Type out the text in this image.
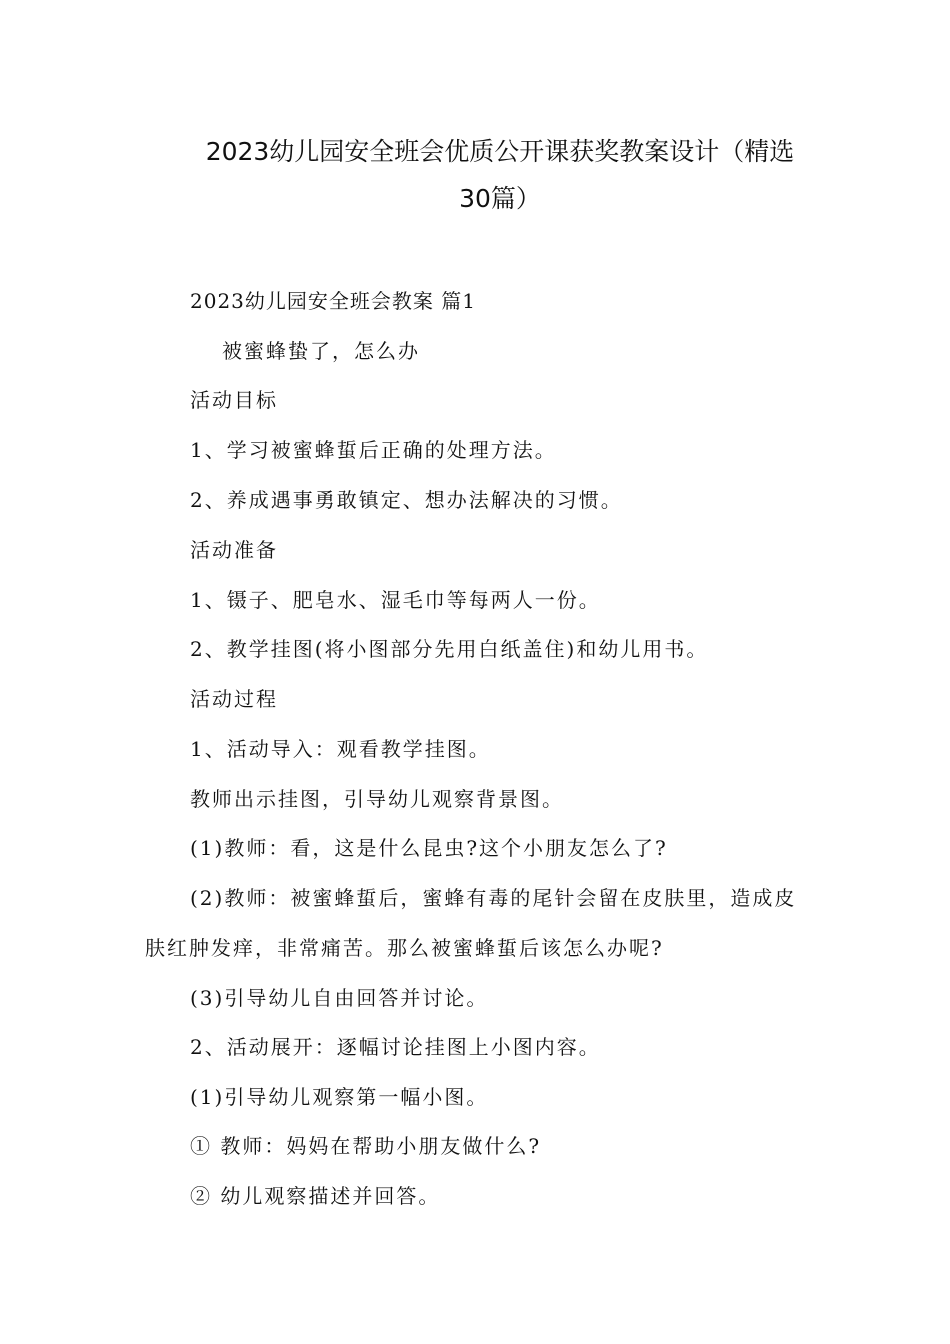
2023幼儿园安全班会优质公开课获奖教案设计（精选
30篇）

2023幼儿园安全班会教案 篇1

被蜜蜂蛰了，怎么办

活动目标

1、学习被蜜蜂蜇后正确的处理方法。

2、养成遇事勇敢镇定、想办法解决的习惯。

活动准备

1、镊子、肥皂水、湿毛巾等每两人一份。

2、教学挂图(将小图部分先用白纸盖住)和幼儿用书。

活动过程

1、活动导入：观看教学挂图。

教师出示挂图，引导幼儿观察背景图。

(1)教师：看，这是什么昆虫?这个小朋友怎么了?

(2)教师：被蜜蜂蜇后，蜜蜂有毒的尾针会留在皮肤里，造成皮

肤红肿发痒，非常痛苦。那么被蜜蜂蜇后该怎么办呢?

(3)引导幼儿自由回答并讨论。

2、活动展开：逐幅讨论挂图上小图内容。

(1)引导幼儿观察第一幅小图。

① 教师：妈妈在帮助小朋友做什么?

② 幼儿观察描述并回答。
